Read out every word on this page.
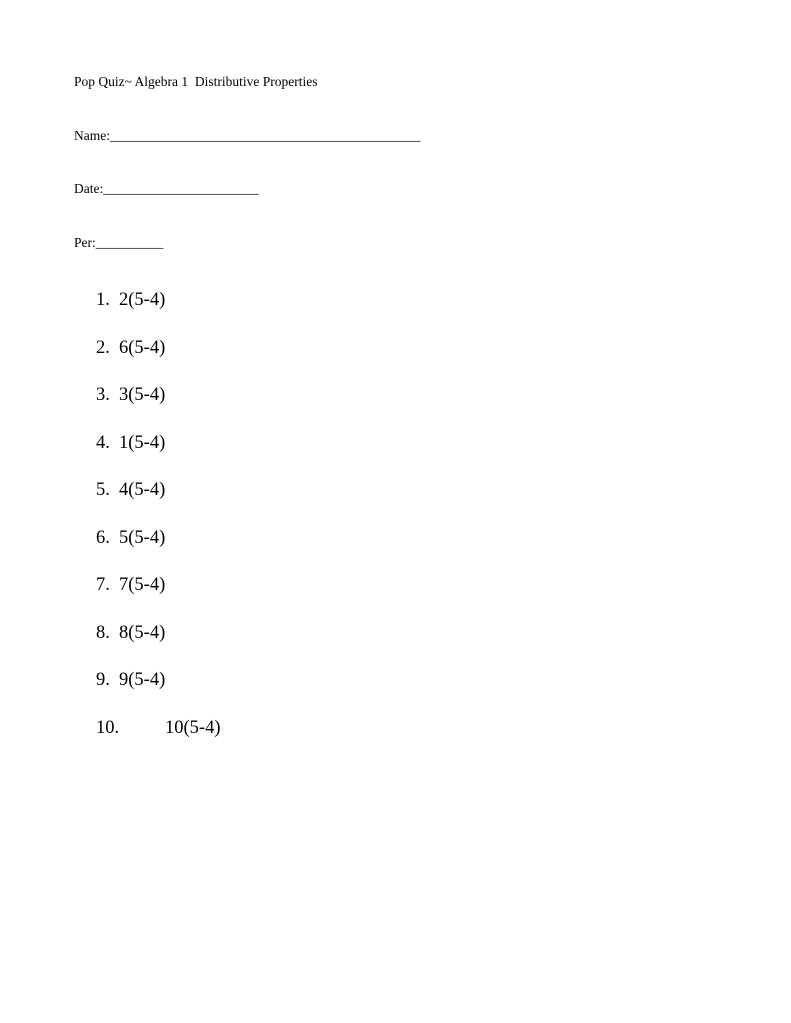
Pop Quiz~ Algebra 1  Distributive Properties
Name:______________________________________________
Date:_______________________
Per:__________
1. 2(5-4)
2. 6(5-4)
3. 3(5-4)
4. 1(5-4)
5. 4(5-4)
6. 5(5-4)
7. 7(5-4)
8. 8(5-4)
9. 9(5-4)
10.	10(5-4)
